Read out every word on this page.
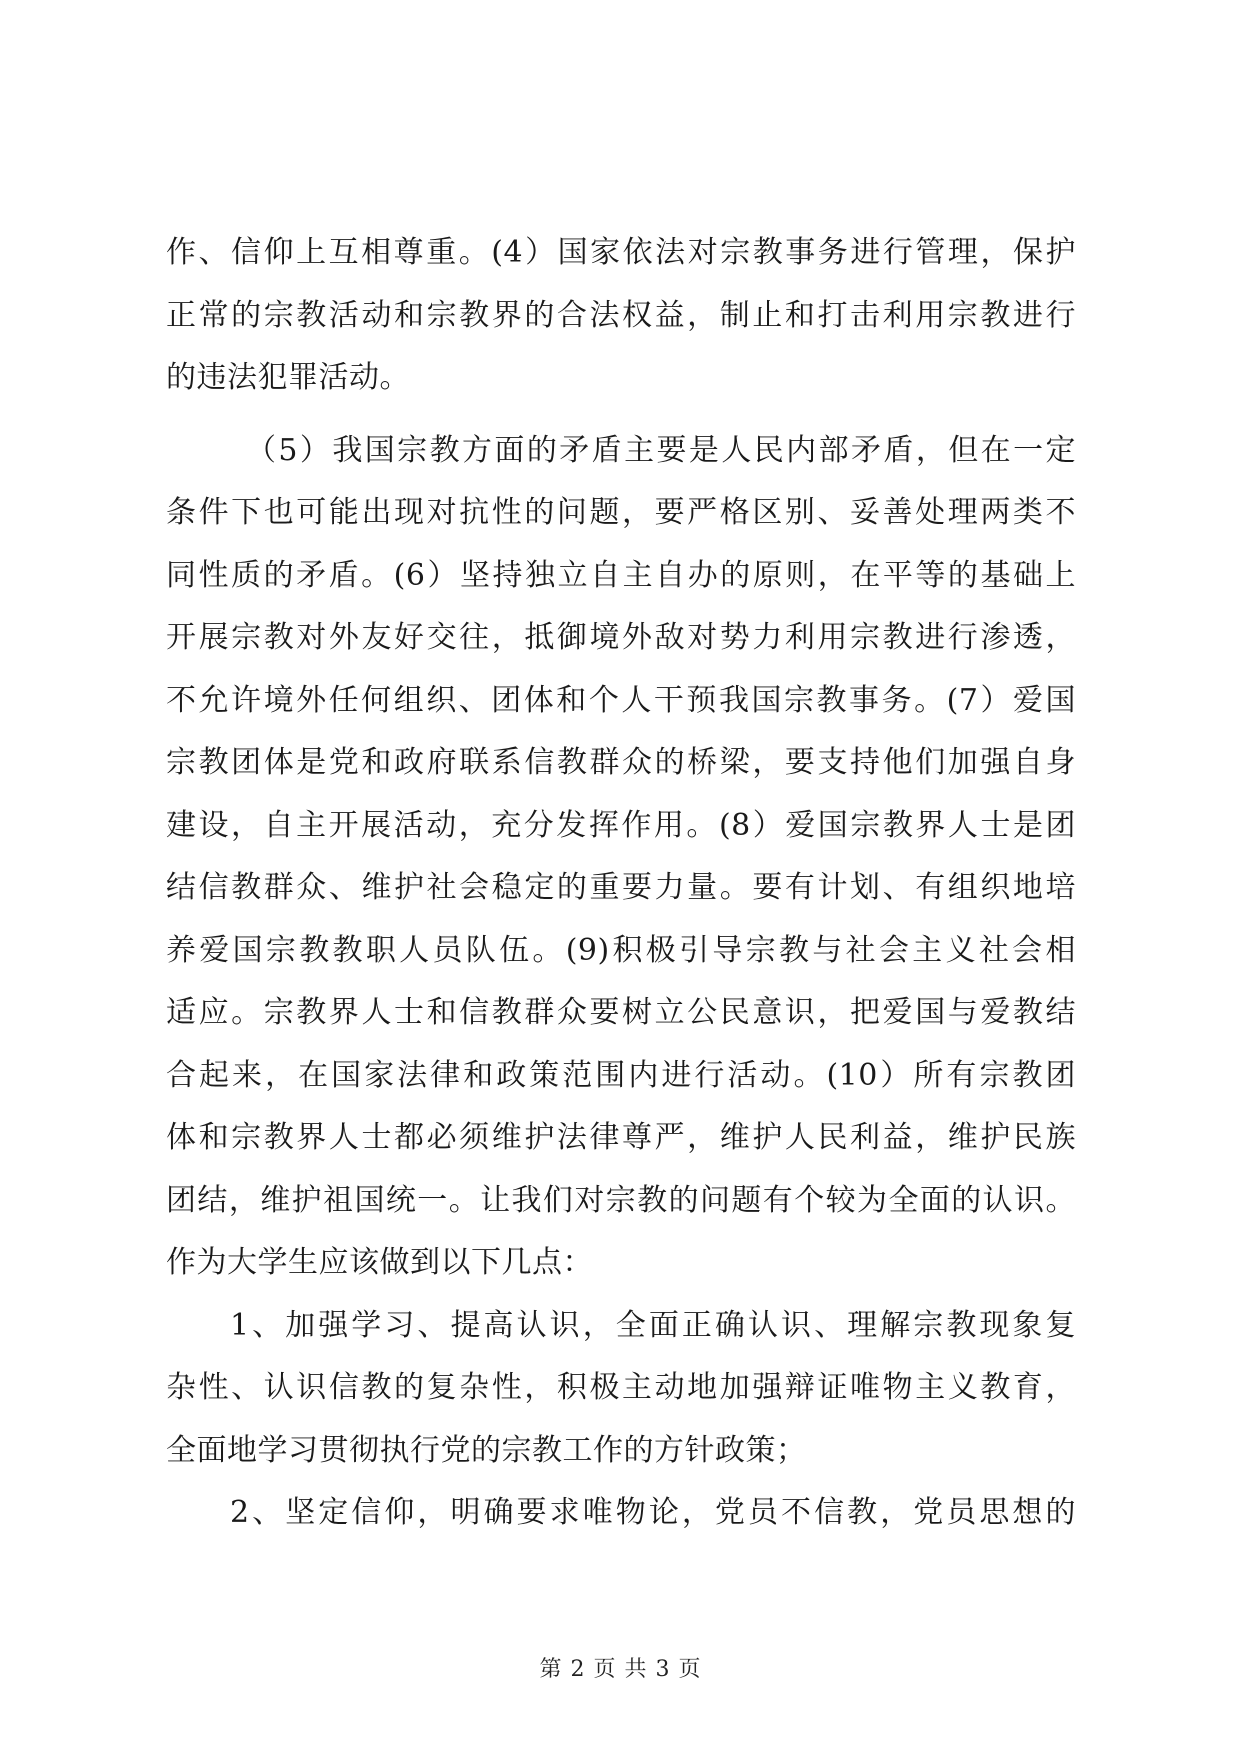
作、信仰上互相尊重。(4）国家依法对宗教事务进行管理，保护
正常的宗教活动和宗教界的合法权益，制止和打击利用宗教进行
的违法犯罪活动。
（5）我国宗教方面的矛盾主要是人民内部矛盾，但在一定
条件下也可能出现对抗性的问题，要严格区别、妥善处理两类不
同性质的矛盾。(6）坚持独立自主自办的原则，在平等的基础上
开展宗教对外友好交往，抵御境外敌对势力利用宗教进行渗透，
不允许境外任何组织、团体和个人干预我国宗教事务。(7）爱国
宗教团体是党和政府联系信教群众的桥梁，要支持他们加强自身
建设，自主开展活动，充分发挥作用。(8）爱国宗教界人士是团
结信教群众、维护社会稳定的重要力量。要有计划、有组织地培
养爱国宗教教职人员队伍。(9)积极引导宗教与社会主义社会相
适应。宗教界人士和信教群众要树立公民意识，把爱国与爱教结
合起来，在国家法律和政策范围内进行活动。(10）所有宗教团
体和宗教界人士都必须维护法律尊严，维护人民利益，维护民族
团结，维护祖国统一。让我们对宗教的问题有个较为全面的认识。
作为大学生应该做到以下几点：
1、加强学习、提高认识，全面正确认识、理解宗教现象复
杂性、认识信教的复杂性，积极主动地加强辩证唯物主义教育，
全面地学习贯彻执行党的宗教工作的方针政策；
2、坚定信仰，明确要求唯物论，党员不信教，党员思想的
第 2 页 共 3 页
